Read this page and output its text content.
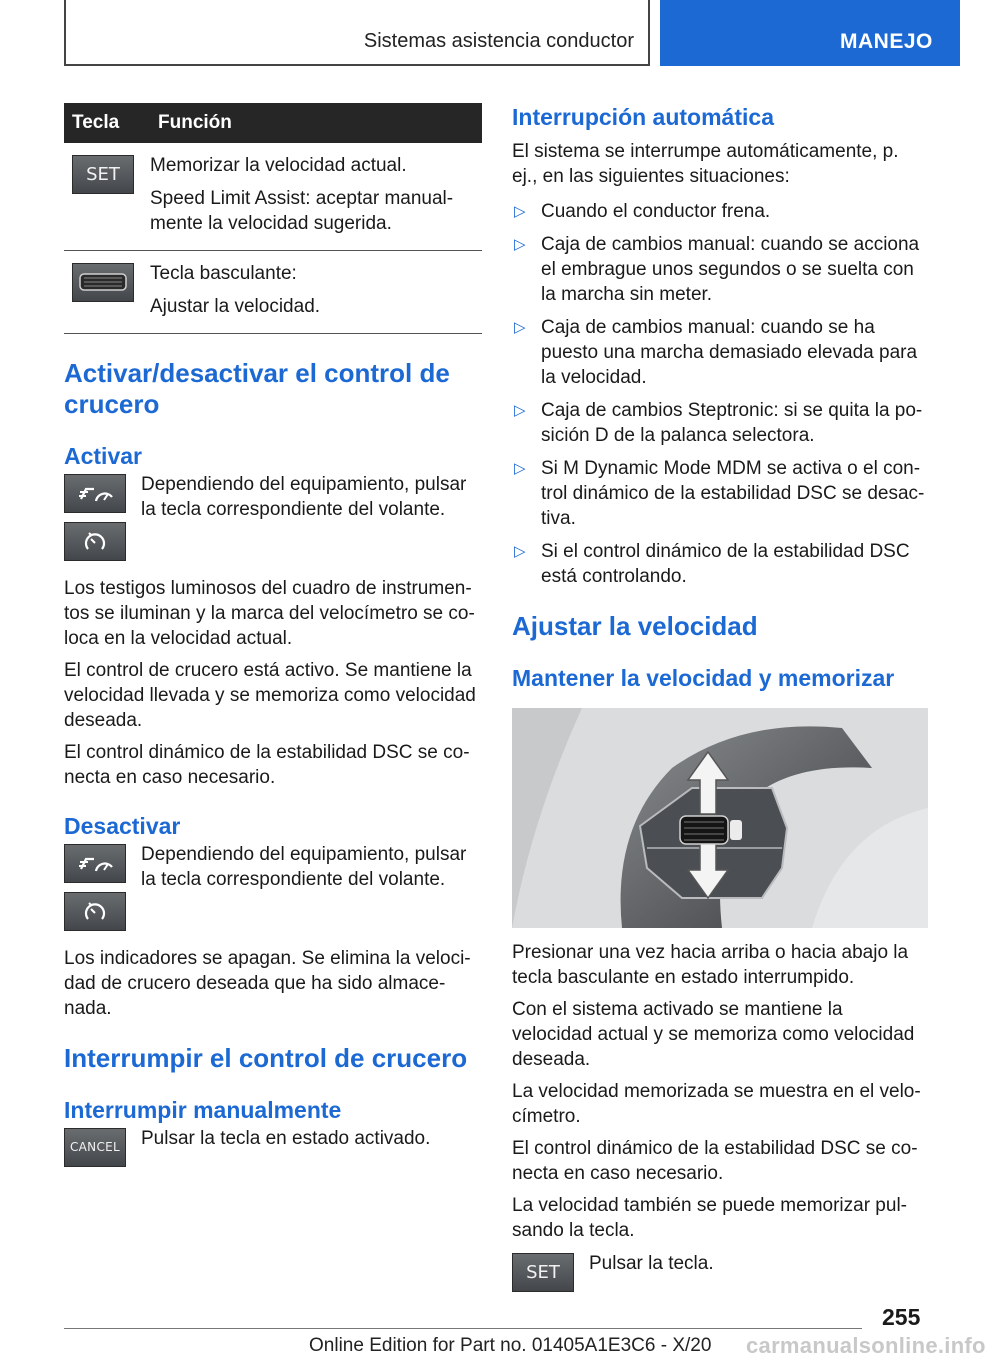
Sistemas asistencia conductor	MANEJO
Tecla	Función

SET	Memorizar la velocidad actual.

Speed Limit Assist: aceptar manual-mente la velocidad sugerida.

Tecla basculante:

Ajustar la velocidad.

Activar/desactivar el control de crucero
Activar
Dependiendo del equipamiento, pulsar la tecla correspondiente del volante.

Los testigos luminosos del cuadro de instrumen-tos se iluminan y la marca del velocímetro se co-loca en la velocidad actual.

El control de crucero está activo. Se mantiene la velocidad llevada y se memoriza como velocidad deseada.

El control dinámico de la estabilidad DSC se co-necta en caso necesario.

Desactivar
Dependiendo del equipamiento, pulsar la tecla correspondiente del volante.

Los indicadores se apagan. Se elimina la veloci-dad de crucero deseada que ha sido almace-nada.

Interrumpir el control de crucero
Interrumpir manualmente
CANCEL	Pulsar la tecla en estado activado.
Interrupción automática

El sistema se interrumpe automáticamente, p. ej., en las siguientes situaciones:

▷ Cuando el conductor frena.
▷ Caja de cambios manual: cuando se acciona el embrague unos segundos o se suelta con la marcha sin meter.
▷ Caja de cambios manual: cuando se ha puesto una marcha demasiado elevada para la velocidad.
▷ Caja de cambios Steptronic: si se quita la po-sición D de la palanca selectora.
▷ Si M Dynamic Mode MDM se activa o el con-trol dinámico de la estabilidad DSC se desac-tiva.
▷ Si el control dinámico de la estabilidad DSC está controlando.
Ajustar la velocidad
Mantener la velocidad y memorizar

Presionar una vez hacia arriba o hacia abajo la tecla basculante en estado interrumpido.

Con el sistema activado se mantiene la velocidad actual y se memoriza como velocidad deseada.

La velocidad memorizada se muestra en el velo-címetro.

El control dinámico de la estabilidad DSC se co-necta en caso necesario.

La velocidad también se puede memorizar pul-sando la tecla.

SET	Pulsar la tecla.
255
Online Edition for Part no. 01405A1E3C6 - X/20 carmanualsonline.info
